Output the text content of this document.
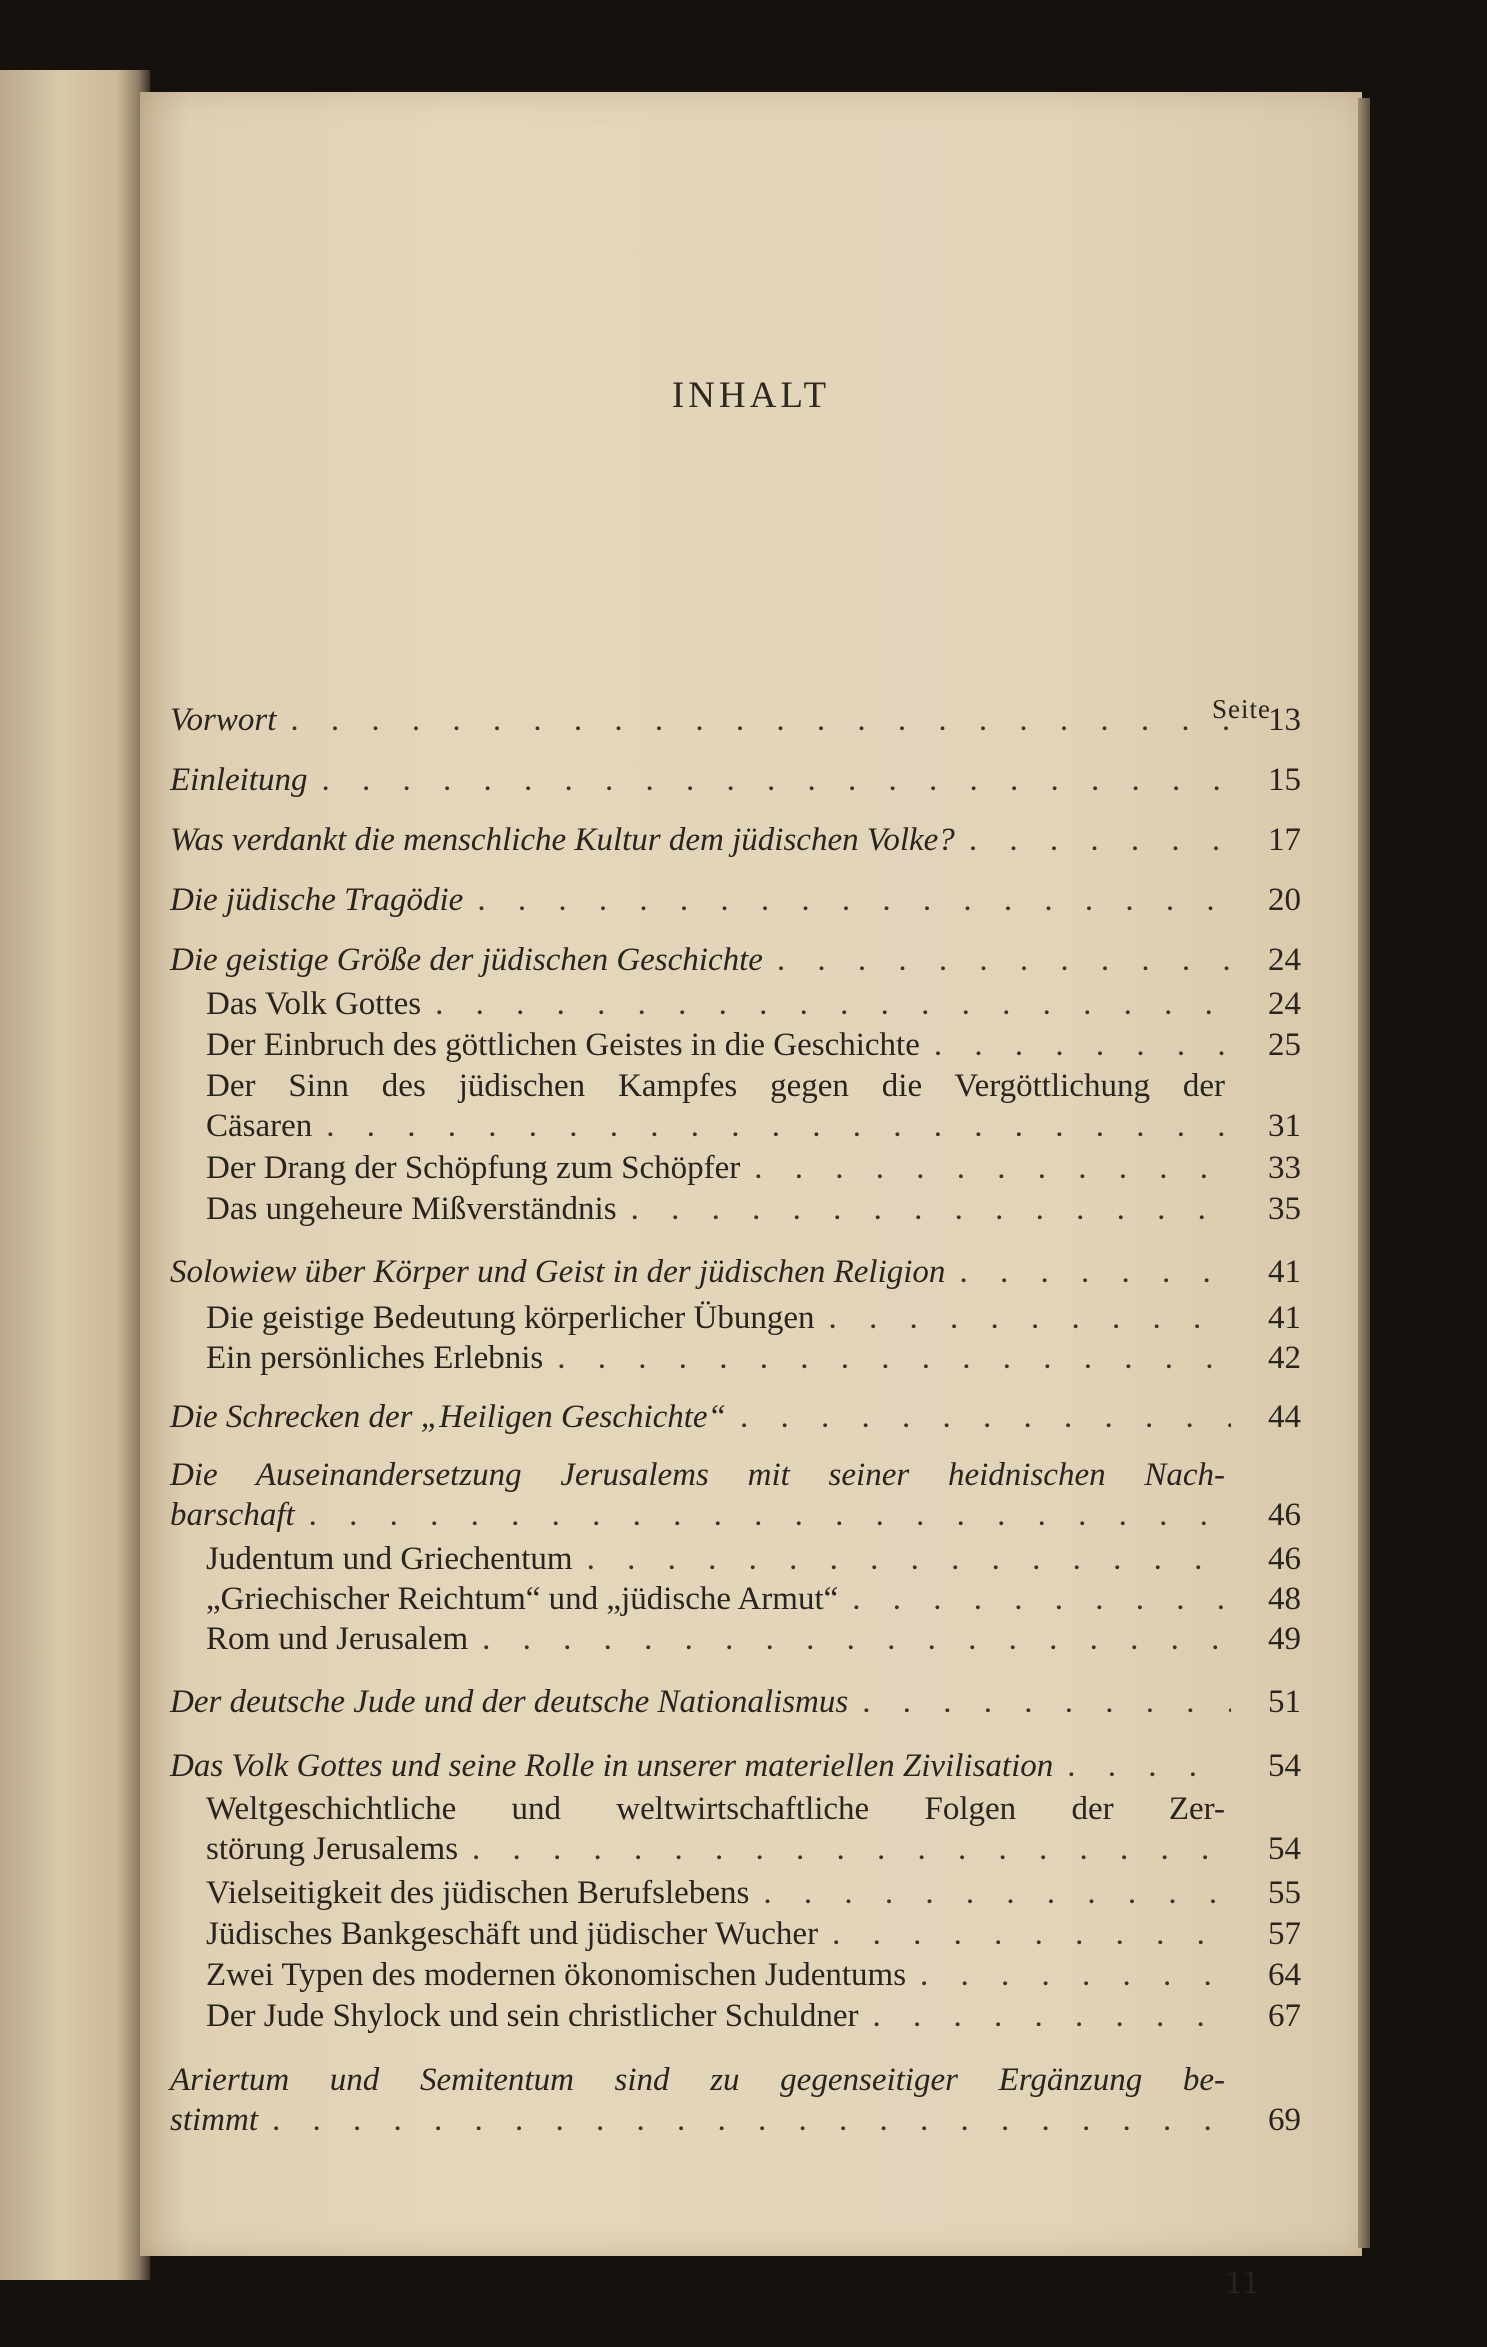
INHALT
Seite
Vorwort . . .	13
Einleitung . . .	15
Was verdankt die menschliche Kultur dem jüdischen Volke? . . .	17
Die jüdische Tragödie . . .	20
Die geistige Größe der jüdischen Geschichte . . .	24
Das Volk Gottes . . .	24
Der Einbruch des göttlichen Geistes in die Geschichte . . .	25
Der Sinn des jüdischen Kampfes gegen die Vergöttlichung der
Cäsaren . . .	31
Der Drang der Schöpfung zum Schöpfer . . .	33
Das ungeheure Mißverständnis . . .	35
Solowiew über Körper und Geist in der jüdischen Religion . . .	41
Die geistige Bedeutung körperlicher Übungen . . .	41
Ein persönliches Erlebnis . . .	42
Die Schrecken der „Heiligen Geschichte“ . . .	44
Die Auseinandersetzung Jerusalems mit seiner heidnischen Nach-
barschaft . . .	46
Judentum und Griechentum . . .	46
„Griechischer Reichtum“ und „jüdische Armut“ . . .	48
Rom und Jerusalem . . .	49
Der deutsche Jude und der deutsche Nationalismus . . .	51
Das Volk Gottes und seine Rolle in unserer materiellen Zivilisation . . .	54
Weltgeschichtliche und weltwirtschaftliche Folgen der Zer-
störung Jerusalems . . .	54
Vielseitigkeit des jüdischen Berufslebens . . .	55
Jüdisches Bankgeschäft und jüdischer Wucher . . .	57
Zwei Typen des modernen ökonomischen Judentums . . .	64
Der Jude Shylock und sein christlicher Schuldner . . .	67
Ariertum und Semitentum sind zu gegenseitiger Ergänzung be-
stimmt . . .	69
11
